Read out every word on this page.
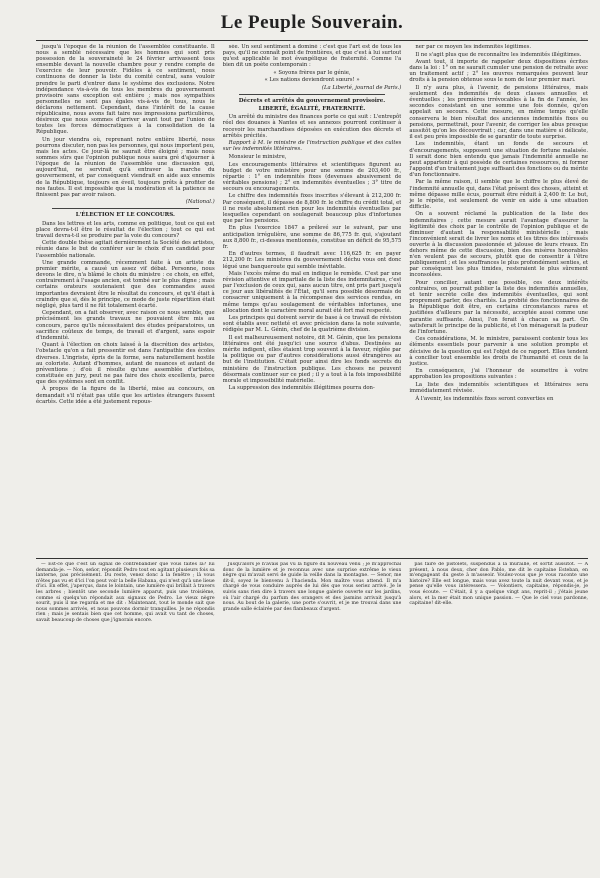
Le Peuple Souverain.

jusqu'à l'époque de la réunion de l'assemblée constituante. Il nous a semblé nécessaire que les hommes qui sont pris possession de la souveraineté le 24 février arrivassent tous ensemble devant la nouvelle chambre pour y rendre compte de l'exercice de leur pouvoir. Fidèles à ce sentiment, nous continuons de donner la liste du comité central, sans vouloir prendre le parti d'entrer dans le système des exclusions. Notre indépendance vis-à-vis de tous les membres du gouvernement provisoire sans exception est entière ; mais nos sympathies personnelles ne sont pas égales vis-à-vis de tous, nous le déclarons nettement. Cependant, dans l'intérêt de la cause républicaine, nous avons fait taire nos impressions particulières, désireux que nous sommes d'arriver avant tout par l'union de toutes les forces démocratiques à la consolidation de la République.

Un jour viendra où, reprenant notre entière liberté, nous pourrons discuter, non pas les personnes, qui nous importent peu, mais les actes. Ce jour-là ne saurait être éloigné ; mais nous sommes sûrs que l'opinion publique nous saura gré d'ajourner à l'époque de la réunion de l'assemblée une discussion qui, aujourd'hui, ne servirait qu'à entraver la marche du gouvernement, et par conséquent viendrait en aide aux ennemis de la République, toujours en éveil, toujours prêts à profiter de nos fautes. Il est impossible que la modération et la patience ne finissent pas par avoir raison.

(National.)

L'ÉLECTION ET LE CONCOURS.

Dans les lettres et les arts, comme en politique, tout ce qui est place devra-t-il être le résultat de l'élection ; tout ce qui est travail devra-t-il se produire par la voie du concours?

Cette double thèse agitait dernièrement la Société des artistes, réunie dans le but de conférer sur le choix d'un candidat pour l'assemblée nationale.

Une grande commande, récemment faite à un artiste du premier mérite, a causé un assez vif débat. Personne, nous devons le dire, n'a blâmé le choix du ministre : ce choix, en effet, contrairement à l'usage ancien, est tombé sur le plus digne ; mais certains orateurs soutenaient que des commandes aussi importantes devraient être le résultat du concours, et qu'il était à craindre que si, dès le principe, ce mode de juste répartition était négligé, plus tard il ne fût totalement écarté.

Cependant, on a fait observer, avec raison ce nous semble, que précisément les grands travaux ne pouvaient être mis au concours, parce qu'ils nécessitaient des études préparatoires, un sacrifice coûteux de temps, de travail et d'argent, sans espoir d'indemnité.

Quant à l'élection on choix laissé à la discrétion des artistes, l'obstacle qu'on a fait pressentir est dans l'antipathie des écoles diverses. L'ingriste, épris de la forme, sera naturellement hostile au coloriste. Autant d'hommes, autant de nuances et autant de préventions ; d'où il résulte qu'une assemblée d'artistes, constituée en jury, peut ne pas faire des choix excellents, parce que des systèmes sont en conflit.

À propos de la figure de la liberté, mise au concours, on demandait s'il n'était pas utile que les artistes étrangers fussent écartés. Cette idée a été justement repous-

sée. Un seul sentiment a dominé : c'est que l'art est de tous les pays, qu'il ne connaît point de frontières, et que c'est à lui surtout qu'est applicable le mot évangélique de fraternité. Comme l'a bien dit un poète contemporain :

« Soyons frères par le génie,

« Les nations deviendront sœurs! »

(La Liberté, journal de Paris.)

Décrets et arrêtés du gouvernement provisoire.
LIBERTÉ, ÉGALITÉ, FRATERNITÉ.

Un arrêté du ministre des finances porte ce qui suit : L'entrepôt réel des douanes à Nantes et ses annexes pourront continuer à recevoir les marchandises déposées en exécution des décrets et arrêtés précités.

Rapport à M. le ministre de l'instruction publique et des cultes sur les indemnités littéraires.

Monsieur le ministre,

Les encouragements littéraires et scientifiques figurent au budget de votre ministère pour une somme de 203,400 fr., répartie : 1° en indemnités fixes (devenues abusivement de véritables pensions) ; 2° en indemnités éventuelles ; 3° titre de secours ou encouragements.

Le chiffre des indemnités fixes inscrites s'élevant à 212,200 fr. Par conséquent, il dépasse de 8,800 fr. le chiffre du crédit total, et il ne reste absolument rien pour les indemnités éventuelles par lesquelles cependant on soulagerait beaucoup plus d'infortunes que par les pensions.

En plus l'exercice 1847 a prélevé sur le suivant, par une anticipation irrégulière, une somme de 86,775 fr. qui, s'ajoutant aux 8,800 fr., ci-dessus mentionnés, constitue un déficit de 95,575 fr.

En d'autres termes, il faudrait avec 116,625 fr. en payer 212,200 fr. Les ministres du gouvernement déchu vous ont donc légué une banqueroute qui semble inévitable.

Mais l'excès même du mal en indique le remède. C'est par une révision attentive et impartiale de la liste des indemnitaires, c'est par l'exclusion de ceux qui, sans aucun titre, ont pris part jusqu'à ce jour aux libéralités de l'État, qu'il sera possible désormais de consacrer uniquement à la récompense des services rendus, en même temps qu'au soulagement de véritables infortunes, une allocation dont le caractère moral aurait été fort mal respecté.

Les principes qui doivent servir de base à ce travail de révision sont établis avec netteté et avec précision dans la note suivante, rédigée par M. L. Génin, chef de la quatrième division.

Il est malheureusement notoire, dit M. Génin, que les pensions littéraires ont été jusqu'ici une source d'abus. Destinées au mérite indigent, elles étaient trop souvent à la faveur, réglée par la politique ou par d'autres considérations aussi étrangères au but de l'institution. C'était pour ainsi dire les fonds secrets du ministère de l'instruction publique. Les choses ne peuvent désormais continuer sur ce pied ; il y a tout à la fois impossibilité morale et impossibilité matérielle.

La suppression des indemnités illégitimes pourra don-

ner par ce moyen les indemnités légitimes.

Il ne s'agit plus que de reconnaître les indemnités illégitimes.

Avant tout, il importe de rappeler deux dispositions écrites dans la loi : 1° on ne saurait cumuler une pension de retraite avec un traitement actif ; 2° les œuvres remarquées peuvent leur droits à la pension obtenue sous le nom de leur premier mari.

Il n'y aura plus, à l'avenir, de pensions littéraires, mais seulement des indemnités de deux classes annuelles et éventuelles ; les premières irrévocables à la fin de l'année, les secondes consistant en une somme une fois donnée, qu'on appelait un secours. Cette mesure, en même temps qu'elle conservera le bien résultat des anciennes indemnités fixes ou pensions, permettrait, pour l'avenir, de corriger les abus presque aussitôt qu'on les découvrirait ; car, dans une matière si délicate, il est peu près impossible de se garantir de toute surprise.

Les indemnités, étant un fonds de secours et d'encouragements, supposent une situation de fortune malaisée. Il serait donc bien entendu que jamais l'indemnité annuelle ne peut appartenir à qui possède de certaines ressources, ni former l'appoint d'un traitement juge suffisant des fonctions ou du mérite d'un fonctionnaire.

Par la même raison, il semble que le chiffre le plus élevé de l'indemnité annuelle qui, dans l'état présent des choses, atteint et même dépasse mille écus, pourrait être réduit à 2,400 fr. Le but, je le répète, est seulement de venir en aide à une situation difficile.

On a souvent réclamé la publication de la liste des indemnitaires ; cette mesure aurait l'avantage d'assurer la légitimité des choix par le contrôle de l'opinion publique et de diminuer d'autant la responsabilité ministérielle ; mais l'inconvénient serait de livrer les noms et les titres des intéressés ouverte à la discussion passionnée et jalouse de leurs rivaux. En dehors même de cette discussion, bien des misères honorables n'en veulent pas de secours, plutôt que de consentir à l'être publiquement ; et les souffrances le plus profondément senties, et par conséquent les plus timides, resteraient le plus sûrement inconsolées.

Pour concilier, autant que possible, ces deux intérêts contraires, on pourrait publier la liste des indemnités annuelles, et tenir secrète celle des indemnités éventuelles, qui sont proprement parler, des charités. La probité des fonctionnaires de la République doit être, en certains circonstances rares et justifiées d'ailleurs par la nécessité, acceptée aussi comme une garantie suffisante. Ainsi, l'on ferait à chacun sa part. On satisferait le principe de la publicité, et l'on ménagerait la pudeur de l'infortune.

Ces considérations, M. le ministre, paraissent contenir tous les éléments essentiels pour parvenir à une solution prompte et décisive de la question qui est l'objet de ce rapport. Elles tendent à concilier tout ensemble les droits de l'humanité et ceux de la justice.

En conséquence, j'ai l'honneur de soumettre à votre approbation les propositions suivantes :

La liste des indemnités scientifiques et littéraires sera immédiatement révisée.

À l'avenir, les indemnités fixes seront converties en

— Est-ce que c'est un signal de contrebandier que vous faites là? lui demanda-je. — Non, señor, répondit Pedro tout en agitant plusieurs fois sa lanterne, pas précisément. Du reste, venez donc à la fenêtre ; là vous n'êtes pas vu et d'ici l'on peut voir la belle Habana, qui n'est qu'à une lieue d'ici. En effet, j'aperçus, dans le lointain, une lumière qui brillait à travers les arbres ; bientôt une seconde lumière apparut, puis une troisième, comme si quelqu'un répondait aux signaux de Pedro. Le vieux nègre sourit, puis il me regarda et me dit : Maintenant, tout le monde sait que nous sommes arrivés, et nous pouvons dormir tranquilles. Je ne répondis rien ; mais je sentais bien que cet homme, qui avait vu tant de choses, savait beaucoup de choses que j'ignorais encore.

Jusqu'alors je n'avais pas vu la figure du nouveau venu ; je m'approchai donc de la lumière et je reconnus avec une surprise extrême le vieux nègre qui m'avait servi de guide la veille dans la montagne. — Senor, me dit-il, soyez le bienvenu à l'hacienda. Mon maître vous attend. Il m'a chargé de vous conduire auprès de lui dès que vous seriez arrivé. Je le suivis sans rien dire à travers une longue galerie ouverte sur les jardins, où l'air chargé du parfum des orangers et des jasmins arrivait jusqu'à nous. Au bout de la galerie, une porte s'ouvrit, et je me trouvai dans une grande salle éclairée par des flambeaux d'argent.

pas faire de pistolets, suspendus à la muraille, et sortit aussitôt. — A présent, à nous deux, cher don Pablo, me dit le capitaine Esteban, en m'engageant du geste à m'asseoir. Voulez-vous que je vous raconte une histoire? Elle est longue, mais vous avez toute la nuit devant vous, et je pense qu'elle vous intéressera. — Volontiers, capitaine, répondis-je, je vous écoute. — C'était, il y a quelque vingt ans, reprit-il ; j'étais jeune alors, et la mer était mon unique passion. — Que le ciel vous pardonne, capitaine! dit-elle.
